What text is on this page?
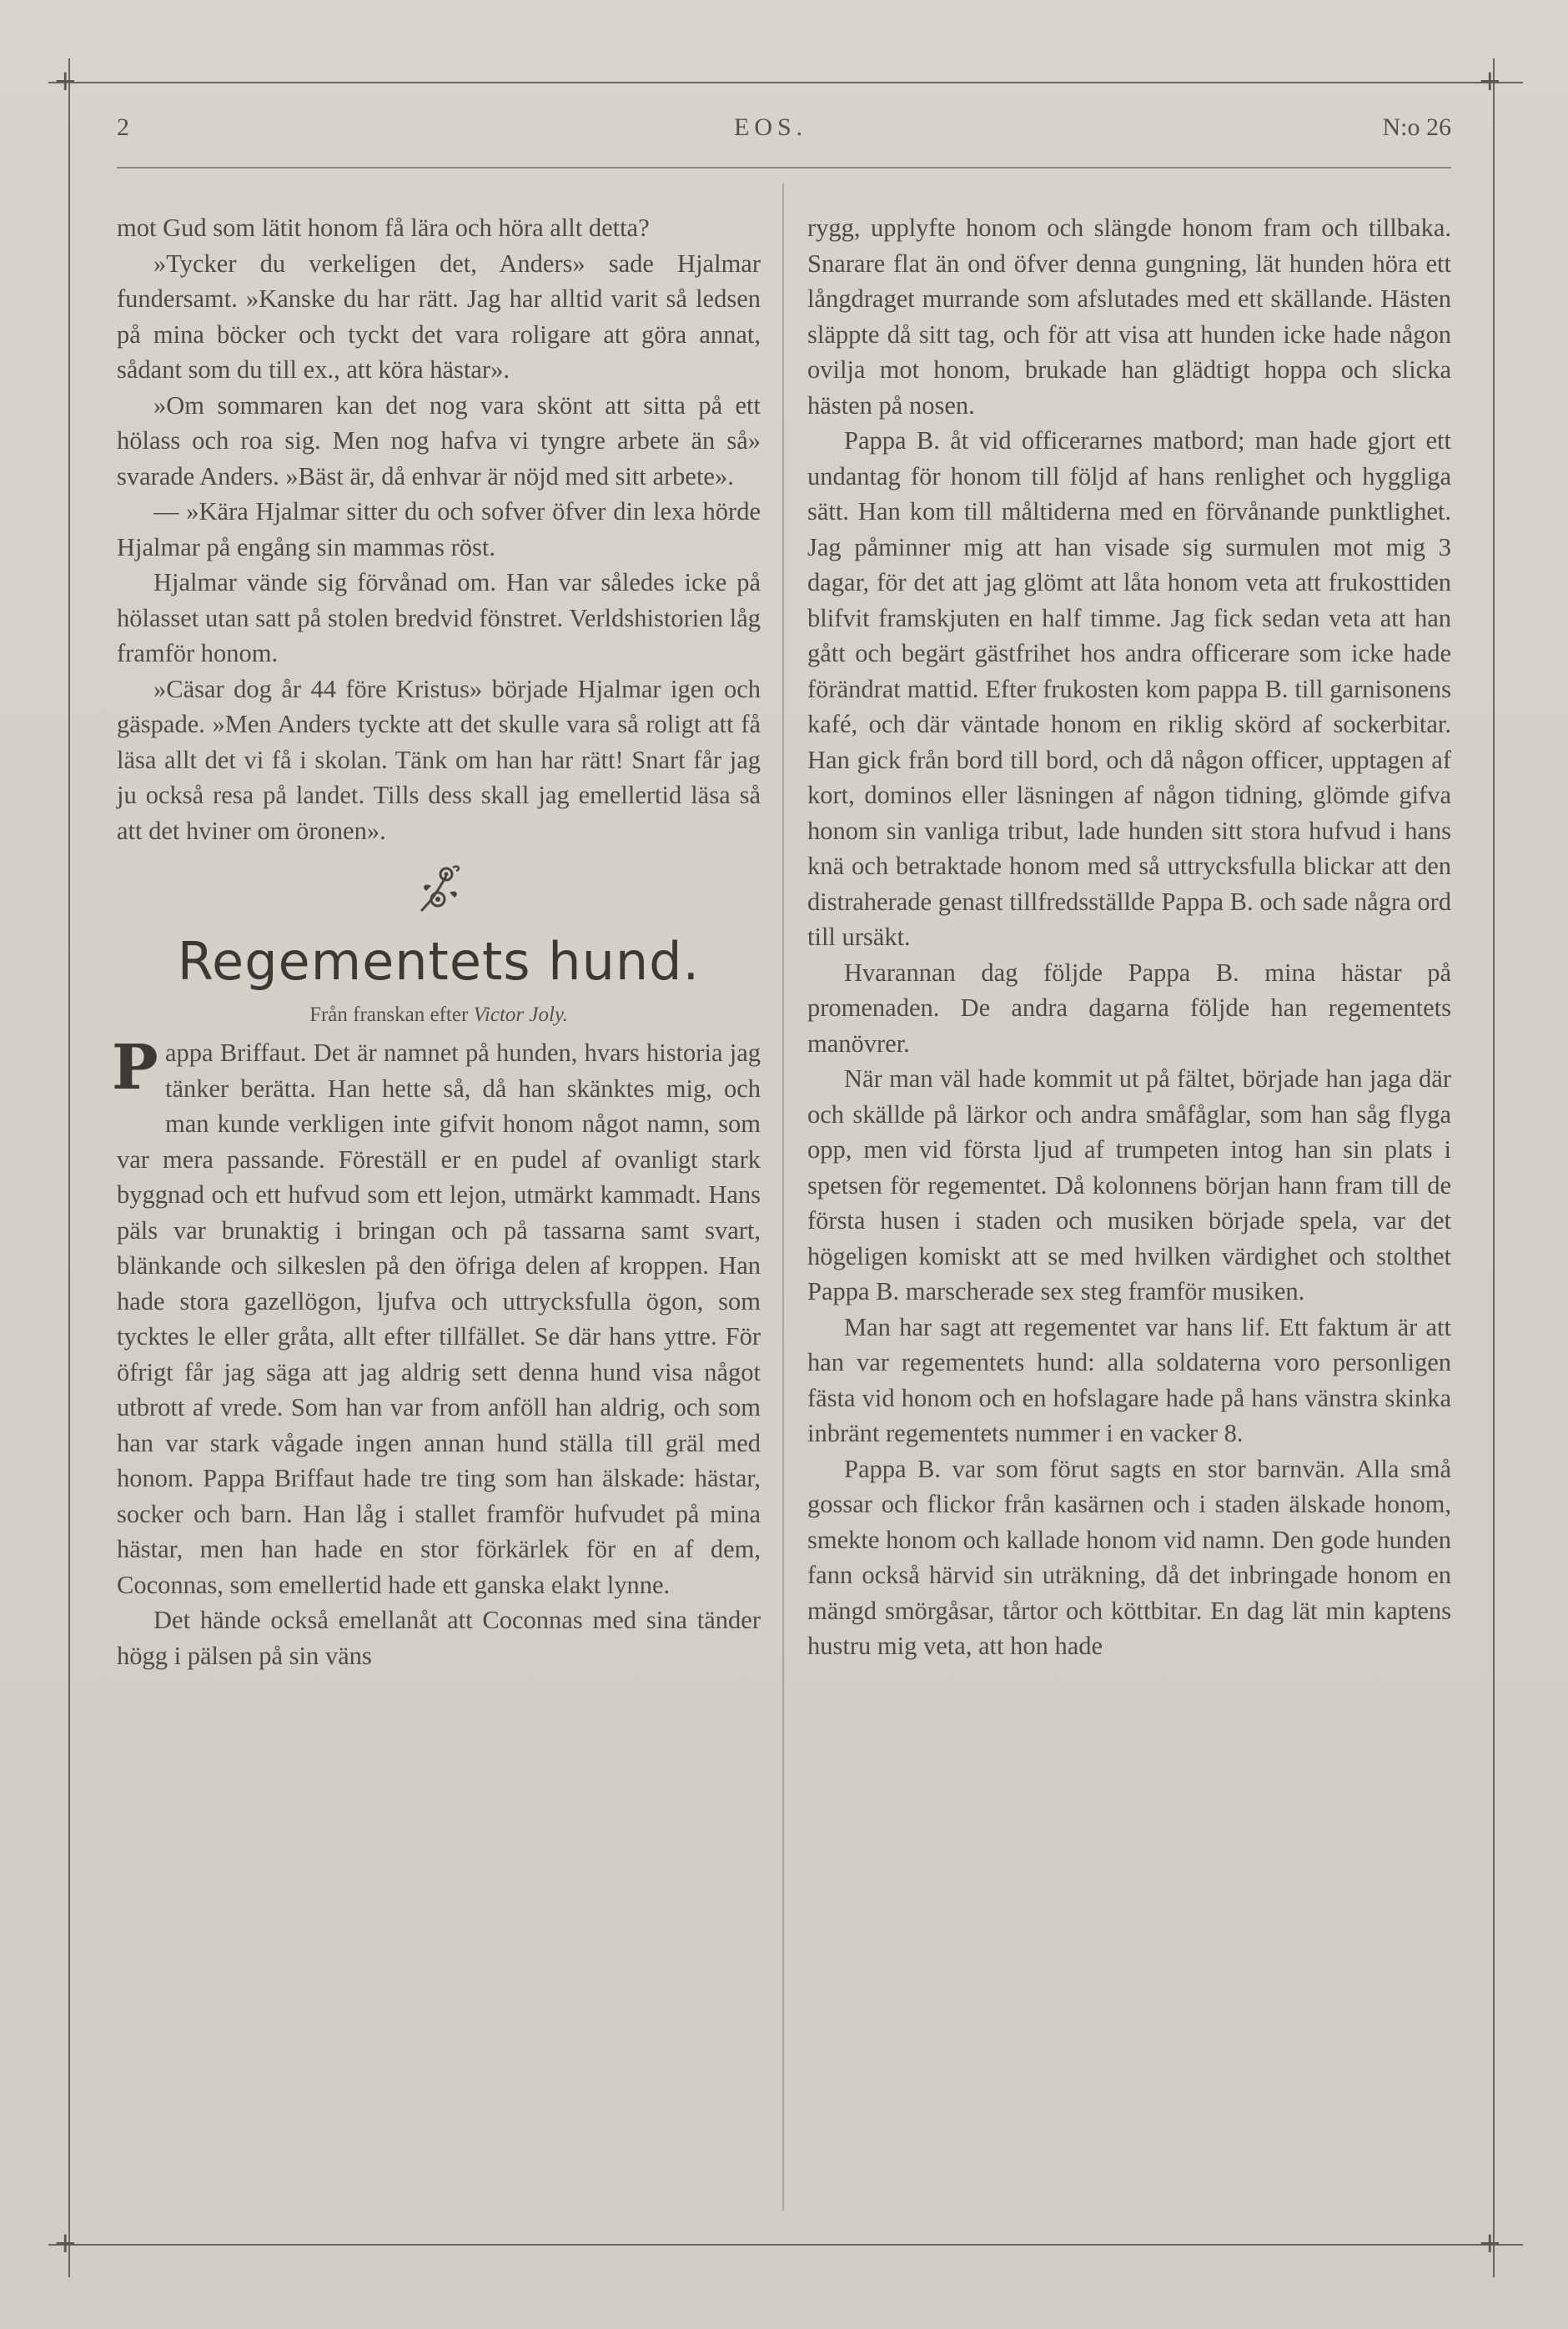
+	+
+	+
2	EOS.	N:o 26

mot Gud som lätit honom få lära och höra allt detta?

»Tycker du verkeligen det, Anders» sade Hjalmar fundersamt. »Kanske du har rätt. Jag har alltid varit så ledsen på mina böcker och tyckt det vara roligare att göra annat, sådant som du till ex., att köra hästar».

»Om sommaren kan det nog vara skönt att sitta på ett hölass och roa sig. Men nog hafva vi tyngre arbete än så» svarade Anders. »Bäst är, då enhvar är nöjd med sitt arbete».

— »Kära Hjalmar sitter du och sofver öfver din lexa hörde Hjalmar på engång sin mammas röst.

Hjalmar vände sig förvånad om. Han var således icke på hölasset utan satt på stolen bredvid fönstret. Verldshistorien låg framför honom.

»Cäsar dog år 44 före Kristus» började Hjalmar igen och gäspade. »Men Anders tyckte att det skulle vara så roligt att få läsa allt det vi få i skolan. Tänk om han har rätt! Snart får jag ju också resa på landet. Tills dess skall jag emellertid läsa så att det hviner om öronen».

Regementets hund.
Från franskan efter Victor Joly.

Pappa Briffaut. Det är namnet på hunden, hvars historia jag tänker berätta. Han hette så, då han skänktes mig, och man kunde verkligen inte gifvit honom något namn, som var mera passande. Föreställ er en pudel af ovanligt stark byggnad och ett hufvud som ett lejon, utmärkt kammadt. Hans päls var brunaktig i bringan och på tassarna samt svart, blänkande och silkeslen på den öfriga delen af kroppen. Han hade stora gazellögon, ljufva och uttrycksfulla ögon, som tycktes le eller gråta, allt efter tillfället. Se där hans yttre. För öfrigt får jag säga att jag aldrig sett denna hund visa något utbrott af vrede. Som han var from anföll han aldrig, och som han var stark vågade ingen annan hund ställa till gräl med honom. Pappa Briffaut hade tre ting som han älskade: hästar, socker och barn. Han låg i stallet framför hufvudet på mina hästar, men han hade en stor förkärlek för en af dem, Coconnas, som emellertid hade ett ganska elakt lynne.

Det hände också emellanåt att Coconnas med sina tänder högg i pälsen på sin väns

rygg, upplyfte honom och slängde honom fram och tillbaka. Snarare flat än ond öfver denna gungning, lät hunden höra ett långdraget murrande som afslutades med ett skällande. Hästen släppte då sitt tag, och för att visa att hunden icke hade någon ovilja mot honom, brukade han glädtigt hoppa och slicka hästen på nosen.

Pappa B. åt vid officerarnes matbord; man hade gjort ett undantag för honom till följd af hans renlighet och hyggliga sätt. Han kom till måltiderna med en förvånande punktlighet. Jag påminner mig att han visade sig surmulen mot mig 3 dagar, för det att jag glömt att låta honom veta att frukosttiden blifvit framskjuten en half timme. Jag fick sedan veta att han gått och begärt gästfrihet hos andra officerare som icke hade förändrat mattid. Efter frukosten kom pappa B. till garnisonens kafé, och där väntade honom en riklig skörd af sockerbitar. Han gick från bord till bord, och då någon officer, upptagen af kort, dominos eller läsningen af någon tidning, glömde gifva honom sin vanliga tribut, lade hunden sitt stora hufvud i hans knä och betraktade honom med så uttrycksfulla blickar att den distraherade genast tillfredsställde Pappa B. och sade några ord till ursäkt.

Hvarannan dag följde Pappa B. mina hästar på promenaden. De andra dagarna följde han regementets manövrer.

När man väl hade kommit ut på fältet, började han jaga där och skällde på lärkor och andra småfåglar, som han såg flyga opp, men vid första ljud af trumpeten intog han sin plats i spetsen för regementet. Då kolonnens början hann fram till de första husen i staden och musiken började spela, var det högeligen komiskt att se med hvilken värdighet och stolthet Pappa B. marscherade sex steg framför musiken.

Man har sagt att regementet var hans lif. Ett faktum är att han var regementets hund: alla soldaterna voro personligen fästa vid honom och en hofslagare hade på hans vänstra skinka inbränt regementets nummer i en vacker 8.

Pappa B. var som förut sagts en stor barnvän. Alla små gossar och flickor från kasärnen och i staden älskade honom, smekte honom och kallade honom vid namn. Den gode hunden fann också härvid sin uträkning, då det inbringade honom en mängd smörgåsar, tårtor och köttbitar. En dag lät min kaptens hustru mig veta, att hon hade
